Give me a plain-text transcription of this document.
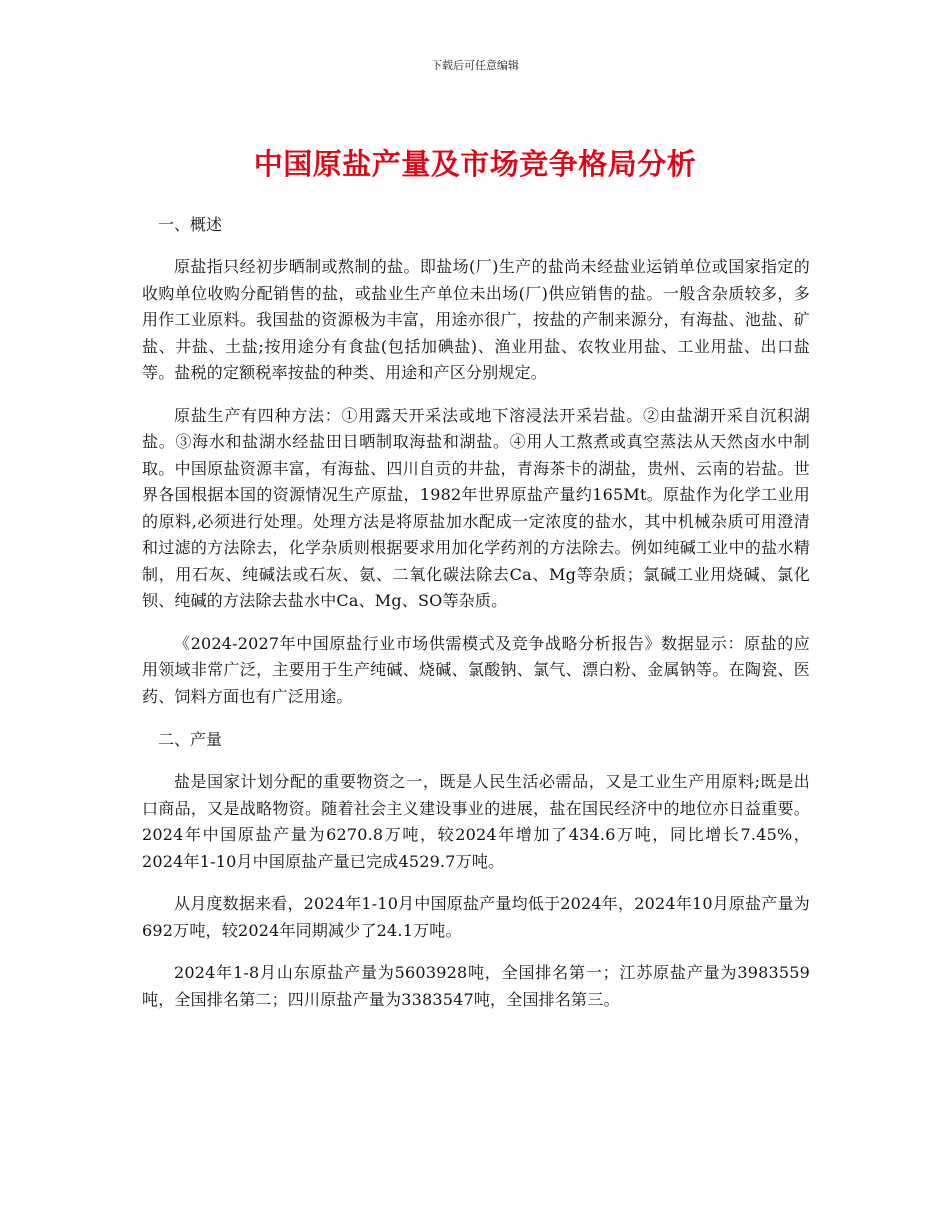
下载后可任意编辑
中国原盐产量及市场竞争格局分析
一、概述

原盐指只经初步晒制或熬制的盐。即盐场(厂)生产的盐尚未经盐业运销单位或国家指定的收购单位收购分配销售的盐，或盐业生产单位未出场(厂)供应销售的盐。一般含杂质较多，多用作工业原料。我国盐的资源极为丰富，用途亦很广，按盐的产制来源分，有海盐、池盐、矿盐、井盐、土盐;按用途分有食盐(包括加碘盐)、渔业用盐、农牧业用盐、工业用盐、出口盐等。盐税的定额税率按盐的种类、用途和产区分别规定。

原盐生产有四种方法：①用露天开采法或地下溶浸法开采岩盐。②由盐湖开采自沉积湖盐。③海水和盐湖水经盐田日晒制取海盐和湖盐。④用人工熬煮或真空蒸法从天然卤水中制取。中国原盐资源丰富，有海盐、四川自贡的井盐，青海茶卡的湖盐，贵州、云南的岩盐。世界各国根据本国的资源情况生产原盐，1982年世界原盐产量约165Mt。原盐作为化学工业用的原料,必须进行处理。处理方法是将原盐加水配成一定浓度的盐水，其中机械杂质可用澄清和过滤的方法除去，化学杂质则根据要求用加化学药剂的方法除去。例如纯碱工业中的盐水精制，用石灰、纯碱法或石灰、氨、二氧化碳法除去Ca、Mg等杂质；氯碱工业用烧碱、氯化钡、纯碱的方法除去盐水中Ca、Mg、SO等杂质。

《2024-2027年中国原盐行业市场供需模式及竞争战略分析报告》数据显示：原盐的应用领域非常广泛，主要用于生产纯碱、烧碱、氯酸钠、氯气、漂白粉、金属钠等。在陶瓷、医药、饲料方面也有广泛用途。

二、产量

盐是国家计划分配的重要物资之一，既是人民生活必需品，又是工业生产用原料;既是出口商品，又是战略物资。随着社会主义建设事业的进展，盐在国民经济中的地位亦日益重要。2024年中国原盐产量为6270.8万吨，较2024年增加了434.6万吨，同比增长7.45%，2024年1-10月中国原盐产量已完成4529.7万吨。

从月度数据来看，2024年1-10月中国原盐产量均低于2024年，2024年10月原盐产量为692万吨，较2024年同期减少了24.1万吨。

2024年1-8月山东原盐产量为5603928吨，全国排名第一；江苏原盐产量为3983559吨，全国排名第二；四川原盐产量为3383547吨，全国排名第三。
